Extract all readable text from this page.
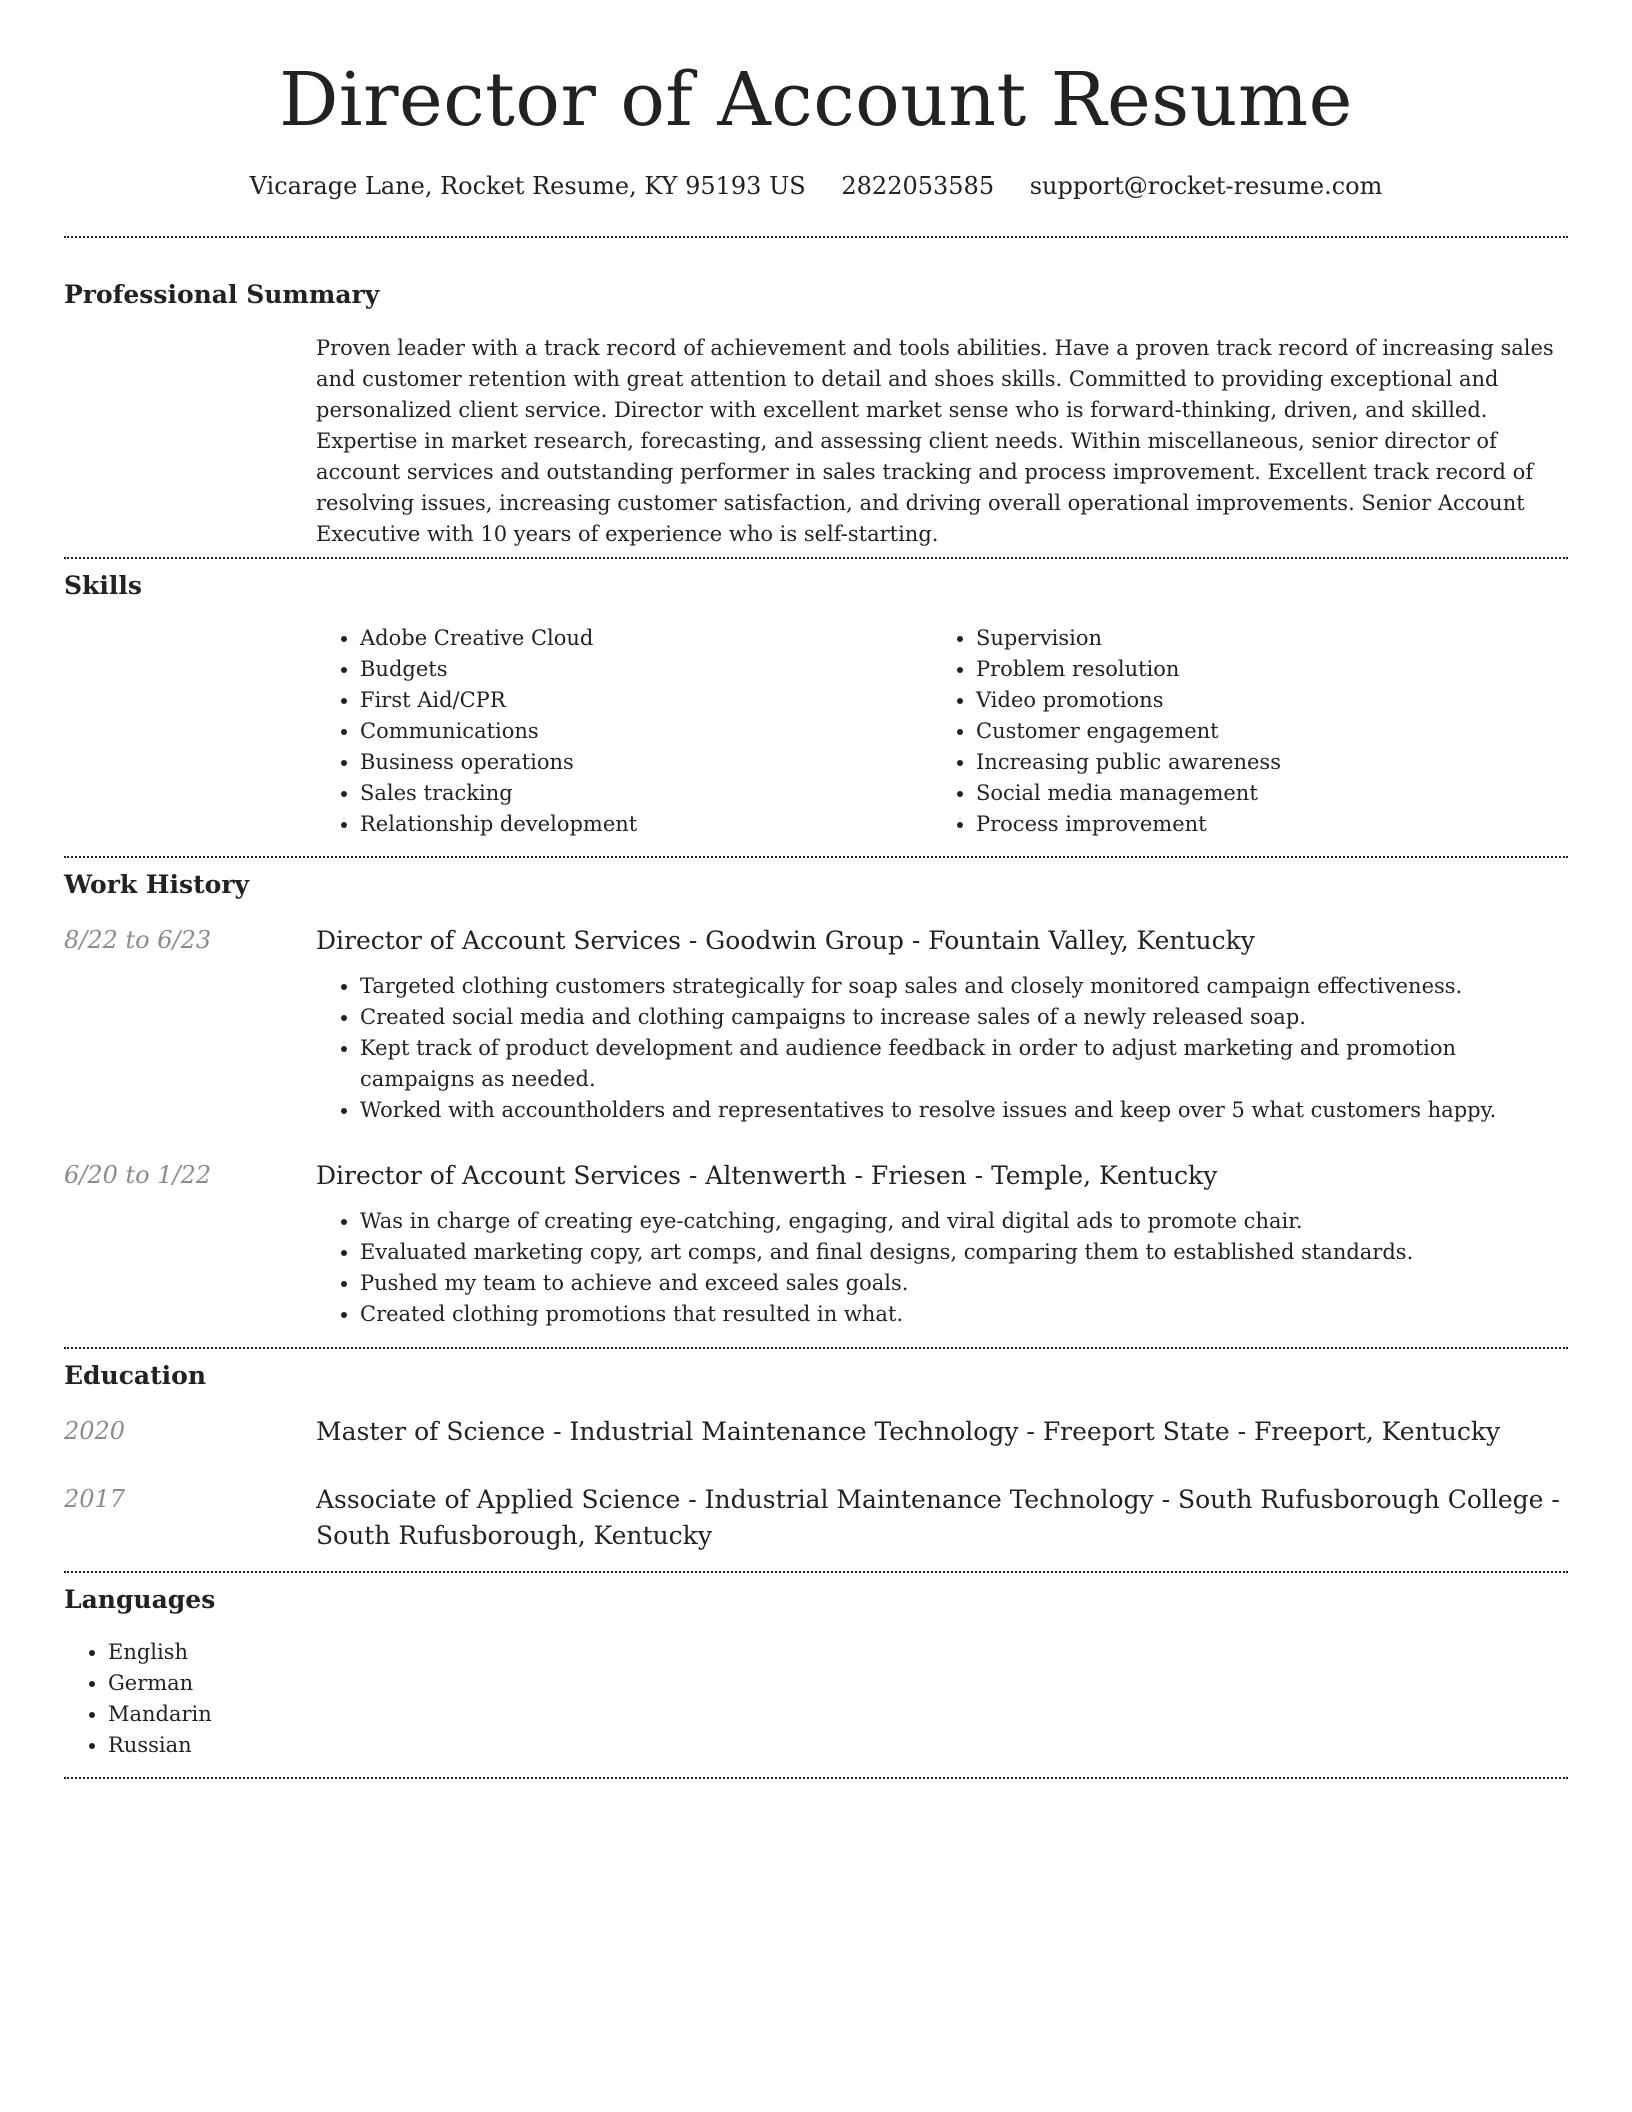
Director of Account Resume
Vicarage Lane, Rocket Resume, KY 95193 US 2822053585 support@rocket-resume.com
Professional Summary

Proven leader with a track record of achievement and tools abilities. Have a proven track record of increasing sales and customer retention with great attention to detail and shoes skills. Committed to providing exceptional and personalized client service. Director with excellent market sense who is forward-thinking, driven, and skilled. Expertise in market research, forecasting, and assessing client needs. Within miscellaneous, senior director of account services and outstanding performer in sales tracking and process improvement. Excellent track record of resolving issues, increasing customer satisfaction, and driving overall operational improvements. Senior Account Executive with 10 years of experience who is self-starting.

Skills
• Adobe Creative Cloud
• Budgets
• First Aid/CPR
• Communications
• Business operations
• Sales tracking
• Relationship development
• Supervision
• Problem resolution
• Video promotions
• Customer engagement
• Increasing public awareness
• Social media management
• Process improvement
Work History
8/22 to 6/23	Director of Account Services - Goodwin Group - Fountain Valley, Kentucky
• Targeted clothing customers strategically for soap sales and closely monitored campaign effectiveness.
• Created social media and clothing campaigns to increase sales of a newly released soap.
• Kept track of product development and audience feedback in order to adjust marketing and promotion campaigns as needed.
• Worked with accountholders and representatives to resolve issues and keep over 5 what customers happy.
6/20 to 1/22	Director of Account Services - Altenwerth - Friesen - Temple, Kentucky
• Was in charge of creating eye-catching, engaging, and viral digital ads to promote chair.
• Evaluated marketing copy, art comps, and final designs, comparing them to established standards.
• Pushed my team to achieve and exceed sales goals.
• Created clothing promotions that resulted in what.
Education
2020	Master of Science - Industrial Maintenance Technology - Freeport State - Freeport, Kentucky
2017	Associate of Applied Science - Industrial Maintenance Technology - South Rufusborough College - South Rufusborough, Kentucky
Languages
• English
• German
• Mandarin
• Russian
